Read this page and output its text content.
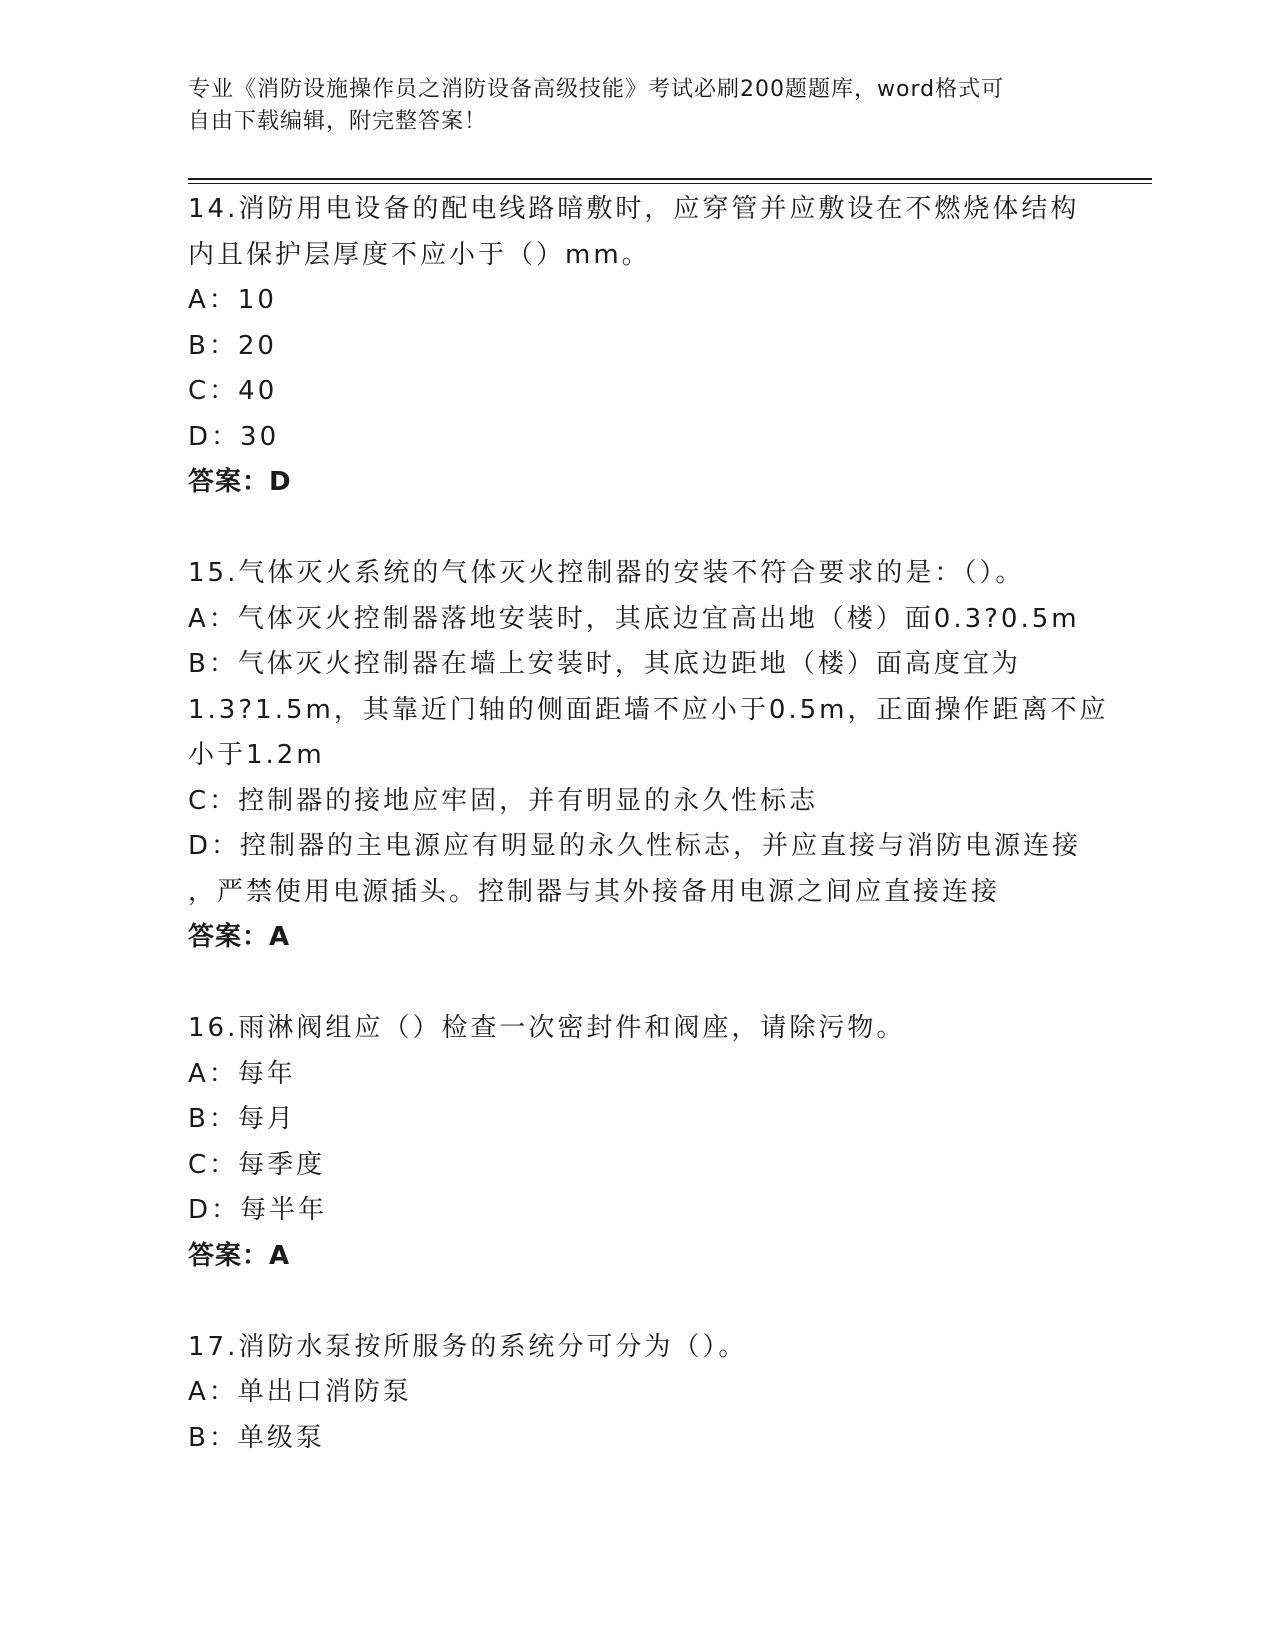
专业《消防设施操作员之消防设备高级技能》考试必刷200题题库，word格式可
自由下载编辑，附完整答案！
14.消防用电设备的配电线路暗敷时，应穿管并应敷设在不燃烧体结构
内且保护层厚度不应小于（）mm。
A：10
B：20
C：40
D：30
答案：D
15.气体灭火系统的气体灭火控制器的安装不符合要求的是：（）。
A：气体灭火控制器落地安装时，其底边宜高出地（楼）面0.3?0.5m
B：气体灭火控制器在墙上安装时，其底边距地（楼）面高度宜为
1.3?1.5m，其靠近门轴的侧面距墙不应小于0.5m，正面操作距离不应
小于1.2m
C：控制器的接地应牢固，并有明显的永久性标志
D：控制器的主电源应有明显的永久性标志，并应直接与消防电源连接
，严禁使用电源插头。控制器与其外接备用电源之间应直接连接
答案：A
16.雨淋阀组应（）检查一次密封件和阀座，请除污物。
A：每年
B：每月
C：每季度
D：每半年
答案：A
17.消防水泵按所服务的系统分可分为（）。
A：单出口消防泵
B：单级泵
